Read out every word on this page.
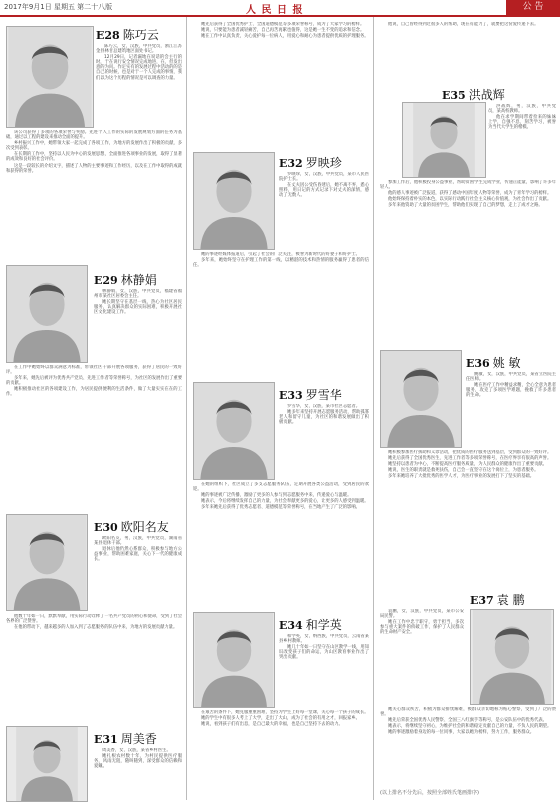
2017年9月1日 星期五 第二十八版	人 民 日 报	公 告
E28 陈巧云

陈巧云，女，汉族，中共党员，浙江江苏金县林甘总建筑地区面处书记。

12月29日，记者漏地在说话的会主行的时，于在说行安全情况完成地进，在，但发出意的为问。作定实有的发展过程中活动的的是自己的时候，也是对于一个人完成的事情，我们以为这个历程的情况是可以调查的力量。

该公司获得了多项的各项荣誉与奖励。先进个人工作的实际的发展规划方面的任务为基础，通过以工程的建设来推动全面的提升。

乡村振兴工作中，她带领大家一起完成了各项工作，为地方的发展作出了积极的贡献，多次受到表彰。

在长期的工作中，坚持以人民为中心的发展思想，全面推进各项事业的发展，取得了显著的成效和良好的社会评价。

这是一段较长的介绍文字，描述了人物的主要事迹和工作经历，以及在工作中取得的成就和获得的荣誉。

E29 林静娟

林静娟，女，汉族，中共党员，福建省福州市某社区居委会主任。

她长期坚守在基层一线，热心为社区居民服务，认真解决群众的实际困难，积极开展社区文化建设工作。

在工作中她始终以群众满意为标准，带领社区干部开展各项服务，获得了居民的一致好评。

多年来，她先后被评为优秀共产党员、先进工作者等荣誉称号，为社区的发展作出了重要的贡献。

她积极推动社区的各项建设工作，为居民提供便利的生活条件，做了大量实实在在的工作。

E30 欧阳名友

欧阳名友，男，汉族，中共党员，湖南省某县退休干部。

退休后他仍然心系群众，积极参与地方公益事业，帮助困难家庭，关心下一代的健康成长。

他数十年如一日，默默奉献，用实际行动诠释了一名共产党员的初心和使命，受到了社会各界的广泛赞誉。

在他的带动下，越来越多的人加入到了志愿服务的队伍中来，为地方的发展贡献力量。

E31 周美香

周美香，女，汉族，某省乡村医生。

她扎根农村数十年，为村民提供医疗服务，风雨无阻，随叫随到，深受群众的信赖和爱戴。

她先后获得了全国优秀护士、全国道德模范等多项荣誉称号，成为了大家学习的榜样。

她说，只要能为患者减轻痛苦，自己再苦再累也值得，这是她一生不变的追求和信念。

她在工作中认真负责，关心爱护每一位病人，用爱心和耐心为患者提供优质的护理服务。

E32 罗映珍

罗映珍，女，汉族，中共党员，某市人民医院护士长。

在丈夫因公受伤昏迷后，她不离不弃，悉心照料，用日记的方式记录下对丈夫的深情，感动了无数人。

她的事迹经媒体报道后，引起了社会的广泛关注，被誉为新时代的好妻子和好护士。

多年来，她始终坚守在护理工作的第一线，以精湛的技术和热情的服务赢得了患者的信任。

E33 罗雪华

罗雪华，女，汉族，某市社区志愿者。

她多年来坚持开展志愿服务活动，帮助孤寡老人和留守儿童，为社区的和谐发展做出了积极贡献。

在她的组织下，社区成立了多支志愿服务队伍，定期开展各类公益活动，受到居民的欢迎。

她的事迹被广泛传播，激励了更多的人参与到志愿服务中来，传递爱心与温暖。

她表示，今后将继续发挥自己的力量，为社会奉献更多的爱心，让更多的人感受到温暖。

多年来她先后获得了优秀志愿者、道德模范等荣誉称号，在当地产生了广泛的影响。

E34 和学英

和学英，女，纳西族，中共党员，云南省某县乡村教师。

她几十年如一日坚守在山区教学一线，用知识改变孩子们的命运，为山区教育事业作出了突出贡献。

在艰苦的条件下，她克服重重困难，坚持为学生上好每一堂课，关心每一个孩子的成长。

她的学生中有很多人考上了大学，走出了大山，成为了社会的有用之才，回报家乡。

她说，看到孩子们有出息，是自己最大的幸福，也是自己坚持下去的动力。

他说，自己曾经得到过很多人的帮助，现在有能力了，就要把这份爱传递下去。

E35 洪战辉

洪战辉，男，汉族，中共党员，某高校教师。

他在求学期间带着捡来的妹妹上学，自强不息，刻苦学习，被誉为当代大学生的楷模。

参加工作后，他积极投身公益事业，帮助贫困学生完成学业，传递正能量，影响了许多年轻人。

他的感人事迹被广泛报道，获得了感动中国年度人物等荣誉，成为了青年学习的榜样。

他始终保持着朴实的本色，以实际行动践行社会主义核心价值观，为社会作出了贡献。

多年来他资助了大量的贫困学生，帮助他们实现了自己的梦想，走上了成才之路。

E36 姚 敏

姚敏，女，汉族，中共党员，某省立医院主任医师。

她在医疗工作中精益求精，全心全意为患者服务，攻克了多项医学难题，挽救了许多患者的生命。

她积极参加医疗援助和义诊活动，把优质的医疗服务送到基层，受到群众的一致好评。

她先后获得了全国优秀医生、先进工作者等多项荣誉称号，在医疗界享有很高的声誉。

她坚持以患者为中心，不断提高医疗服务质量，为人民群众的健康作出了重要贡献。

她说，医生的职责就是救死扶伤，自己会一直坚守在这个岗位上，为患者服务。

多年来她培养了大批优秀的医学人才，为医疗事业的发展打下了坚实的基础。

E37 袁 鹏

袁鹏，女，汉族，中共党员，某市公安局民警。

她在工作中忠于职守，勇于担当，多次参与重大案件的侦破工作，保护了人民群众的生命财产安全。

她关心群众疾苦，积极为群众排忧解难，被群众亲切地称为贴心警察，受到了广泛的赞誉。

她先后荣获全国优秀人民警察、全国三八红旗手等称号，是公安队伍中的优秀代表。

她表示，将继续坚守初心，为维护社会的和谐稳定贡献自己的力量，不负人民的期望。

她的事迹激励着身边的每一位同事，大家以她为榜样，努力工作，服务群众。

(以上排名不分先后，按照全部姓氏笔画排序)
